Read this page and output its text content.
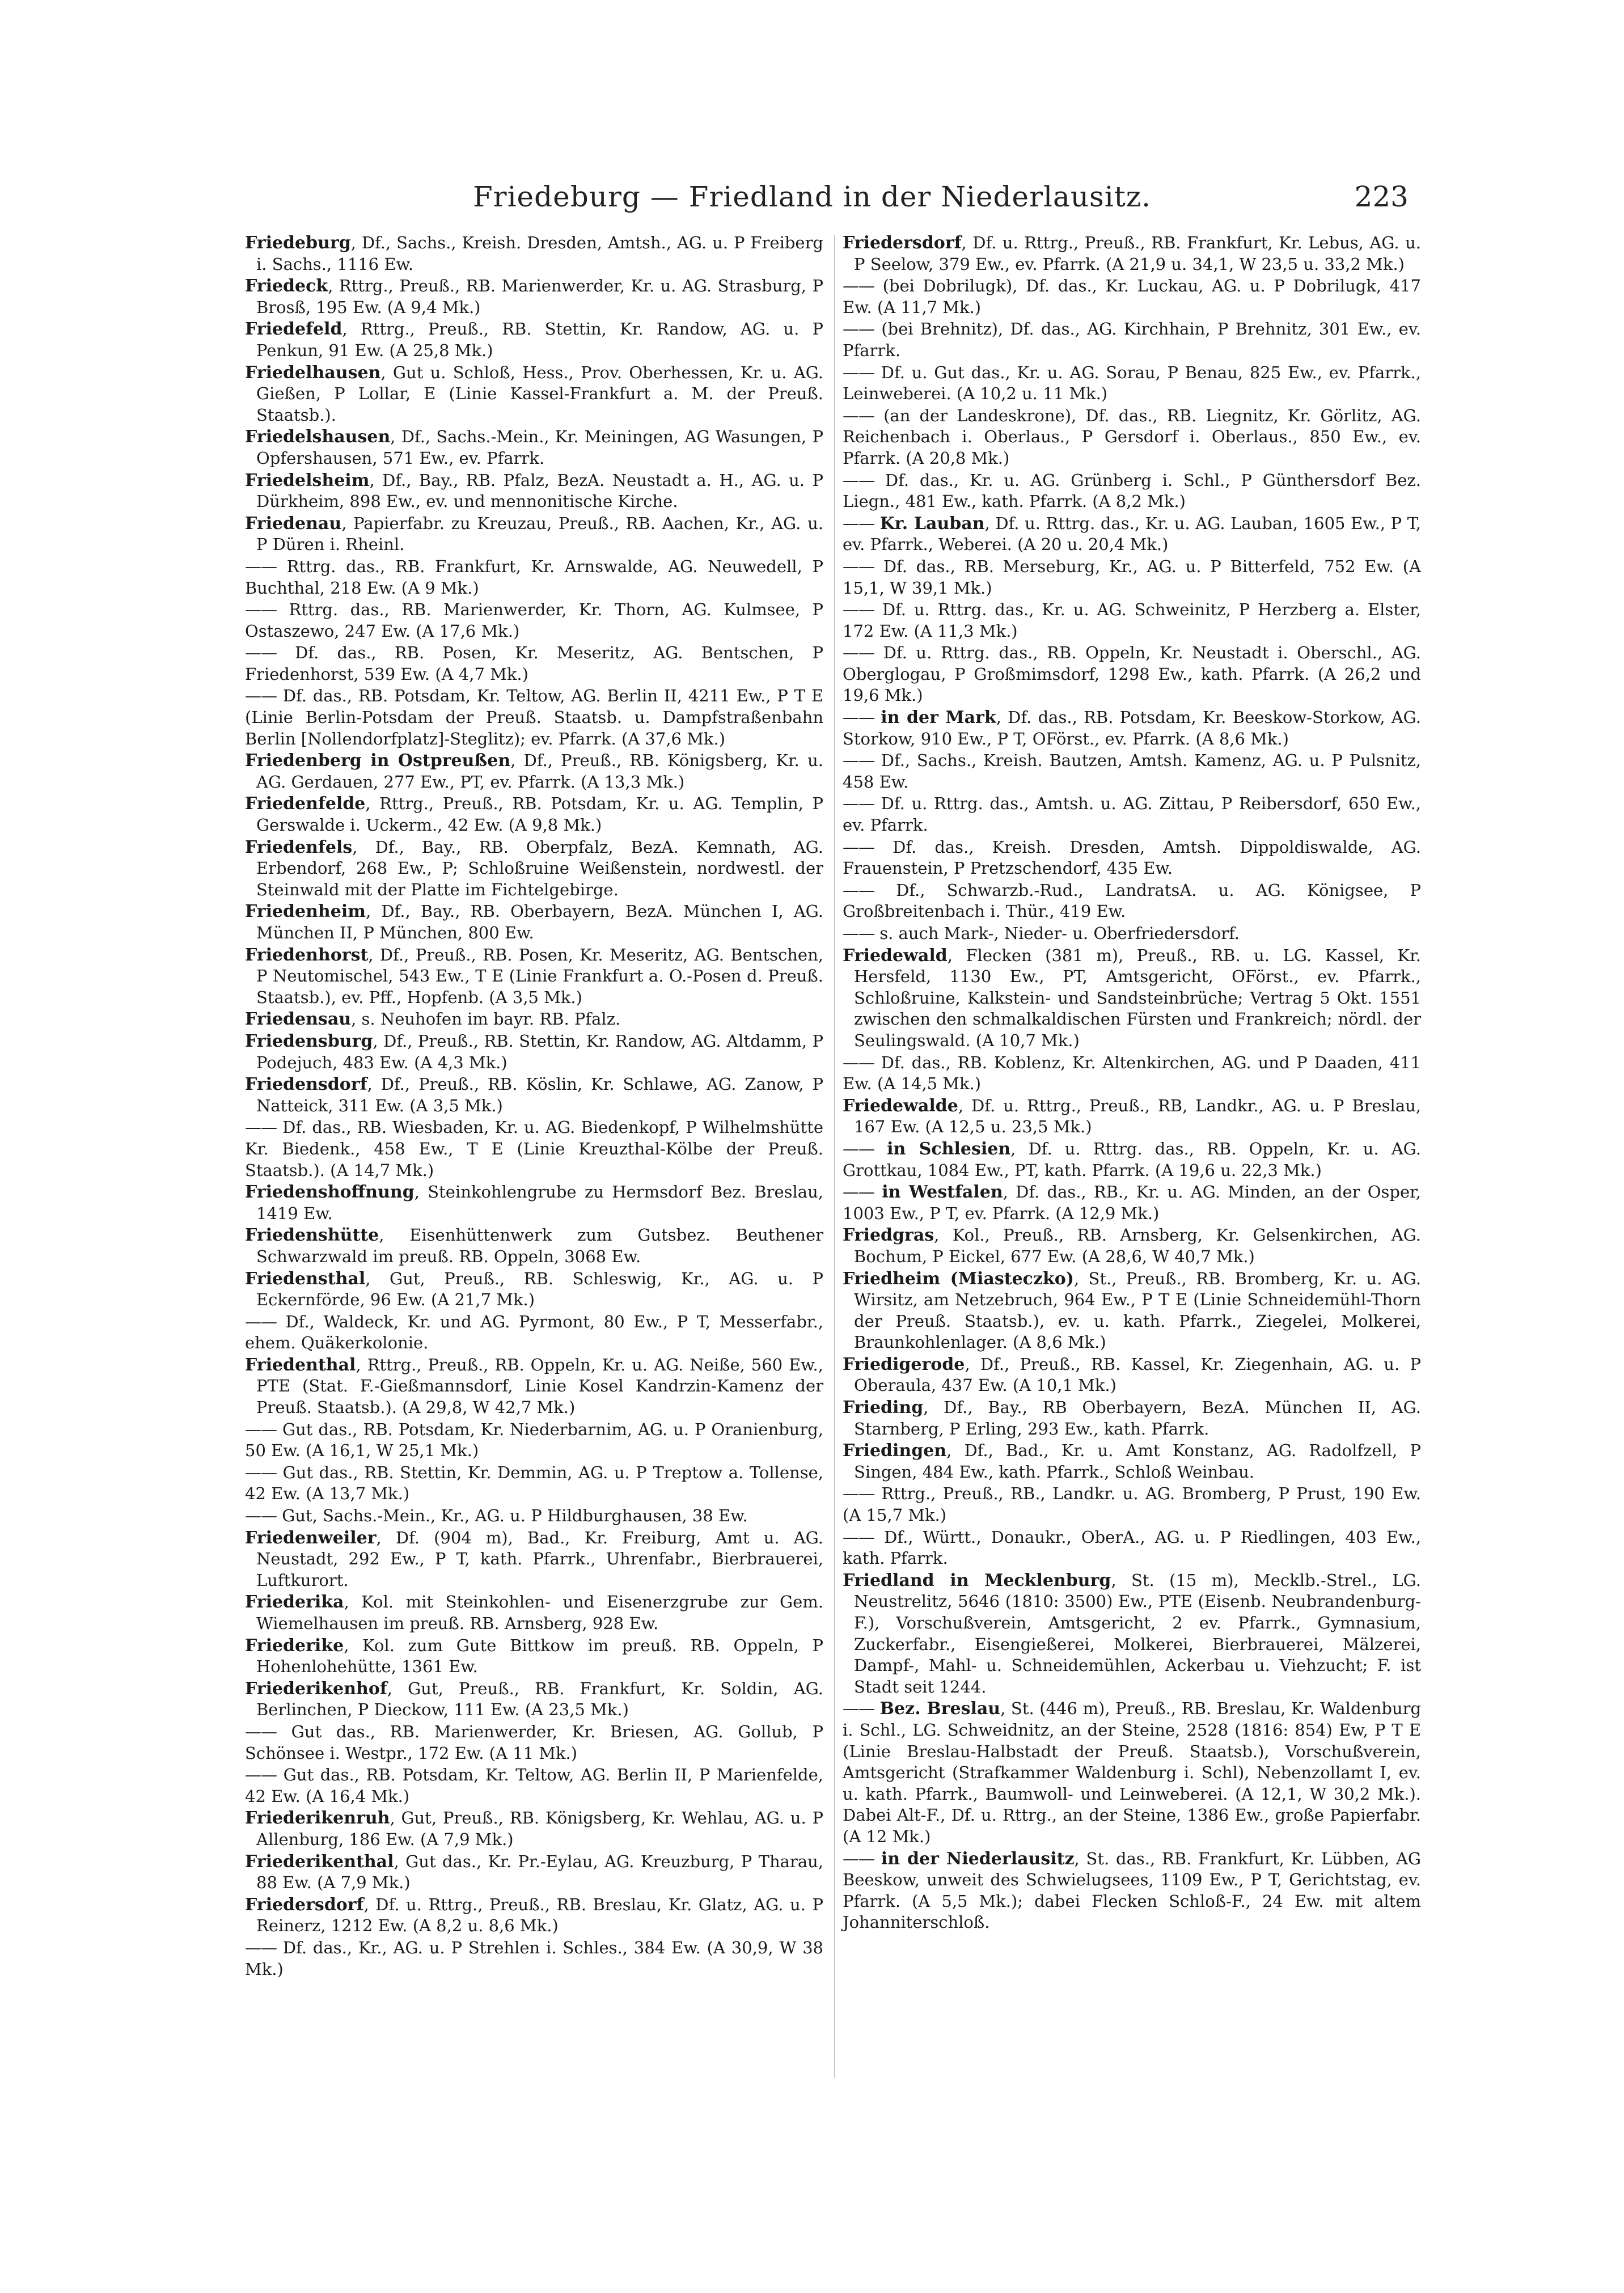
Friedeburg — Friedland in der Niederlausitz.	223

Friedeburg, Df., Sachs., Kreish. Dresden, Amtsh., AG. u. P Freiberg i. Sachs., 1116 Ew.

Friedeck, Rttrg., Preuß., RB. Marienwerder, Kr. u. AG. Strasburg, P Brosß, 195 Ew. (A 9,4 Mk.)

Friedefeld, Rttrg., Preuß., RB. Stettin, Kr. Randow, AG. u. P Penkun, 91 Ew. (A 25,8 Mk.)

Friedelhausen, Gut u. Schloß, Hess., Prov. Oberhessen, Kr. u. AG. Gießen, P Lollar, E (Linie Kassel-Frankfurt a. M. der Preuß. Staatsb.).

Friedelshausen, Df., Sachs.-Mein., Kr. Meiningen, AG Wasungen, P Opfershausen, 571 Ew., ev. Pfarrk.

Friedelsheim, Df., Bay., RB. Pfalz, BezA. Neustadt a. H., AG. u. P Dürkheim, 898 Ew., ev. und mennonitische Kirche.

Friedenau, Papierfabr. zu Kreuzau, Preuß., RB. Aachen, Kr., AG. u. P Düren i. Rheinl.

—— Rttrg. das., RB. Frankfurt, Kr. Arnswalde, AG. Neuwedell, P Buchthal, 218 Ew. (A 9 Mk.)

—— Rttrg. das., RB. Marienwerder, Kr. Thorn, AG. Kulmsee, P Ostaszewo, 247 Ew. (A 17,6 Mk.)

—— Df. das., RB. Posen, Kr. Meseritz, AG. Bentschen, P Friedenhorst, 539 Ew. (A 4,7 Mk.)

—— Df. das., RB. Potsdam, Kr. Teltow, AG. Berlin II, 4211 Ew., P T E (Linie Berlin-Potsdam der Preuß. Staatsb. u. Dampfstraßenbahn Berlin [Nollendorfplatz]-Steglitz); ev. Pfarrk. (A 37,6 Mk.)

Friedenberg in Ostpreußen, Df., Preuß., RB. Königsberg, Kr. u. AG. Gerdauen, 277 Ew., PT, ev. Pfarrk. (A 13,3 Mk.)

Friedenfelde, Rttrg., Preuß., RB. Potsdam, Kr. u. AG. Templin, P Gerswalde i. Uckerm., 42 Ew. (A 9,8 Mk.)

Friedenfels, Df., Bay., RB. Oberpfalz, BezA. Kemnath, AG. Erbendorf, 268 Ew., P; Schloßruine Weißenstein, nordwestl. der Steinwald mit der Platte im Fichtelgebirge.

Friedenheim, Df., Bay., RB. Oberbayern, BezA. München I, AG. München II, P München, 800 Ew.

Friedenhorst, Df., Preuß., RB. Posen, Kr. Meseritz, AG. Bentschen, P Neutomischel, 543 Ew., T E (Linie Frankfurt a. O.-Posen d. Preuß. Staatsb.), ev. Pff., Hopfenb. (A 3,5 Mk.)

Friedensau, s. Neuhofen im bayr. RB. Pfalz.

Friedensburg, Df., Preuß., RB. Stettin, Kr. Randow, AG. Altdamm, P Podejuch, 483 Ew. (A 4,3 Mk.)

Friedensdorf, Df., Preuß., RB. Köslin, Kr. Schlawe, AG. Zanow, P Natteick, 311 Ew. (A 3,5 Mk.)

—— Df. das., RB. Wiesbaden, Kr. u. AG. Biedenkopf, P Wilhelmshütte Kr. Biedenk., 458 Ew., T E (Linie Kreuzthal-Kölbe der Preuß. Staatsb.). (A 14,7 Mk.)

Friedenshoffnung, Steinkohlengrube zu Hermsdorf Bez. Breslau, 1419 Ew.

Friedenshütte, Eisenhüttenwerk zum Gutsbez. Beuthener Schwarzwald im preuß. RB. Oppeln, 3068 Ew.

Friedensthal, Gut, Preuß., RB. Schleswig, Kr., AG. u. P Eckernförde, 96 Ew. (A 21,7 Mk.)

—— Df., Waldeck, Kr. und AG. Pyrmont, 80 Ew., P T, Messerfabr., ehem. Quäkerkolonie.

Friedenthal, Rttrg., Preuß., RB. Oppeln, Kr. u. AG. Neiße, 560 Ew., PTE (Stat. F.-Gießmannsdorf, Linie Kosel Kandrzin-Kamenz der Preuß. Staatsb.). (A 29,8, W 42,7 Mk.)

—— Gut das., RB. Potsdam, Kr. Niederbarnim, AG. u. P Oranienburg, 50 Ew. (A 16,1, W 25,1 Mk.)

—— Gut das., RB. Stettin, Kr. Demmin, AG. u. P Treptow a. Tollense, 42 Ew. (A 13,7 Mk.)

—— Gut, Sachs.-Mein., Kr., AG. u. P Hildburghausen, 38 Ew.

Friedenweiler, Df. (904 m), Bad., Kr. Freiburg, Amt u. AG. Neustadt, 292 Ew., P T, kath. Pfarrk., Uhrenfabr., Bierbrauerei, Luftkurort.

Friederika, Kol. mit Steinkohlen- und Eisenerzgrube zur Gem. Wiemelhausen im preuß. RB. Arnsberg, 928 Ew.

Friederike, Kol. zum Gute Bittkow im preuß. RB. Oppeln, P Hohenlohehütte, 1361 Ew.

Friederikenhof, Gut, Preuß., RB. Frankfurt, Kr. Soldin, AG. Berlinchen, P Dieckow, 111 Ew. (A 23,5 Mk.)

—— Gut das., RB. Marienwerder, Kr. Briesen, AG. Gollub, P Schönsee i. Westpr., 172 Ew. (A 11 Mk.)

—— Gut das., RB. Potsdam, Kr. Teltow, AG. Berlin II, P Marienfelde, 42 Ew. (A 16,4 Mk.)

Friederikenruh, Gut, Preuß., RB. Königsberg, Kr. Wehlau, AG. u. P Allenburg, 186 Ew. (A 7,9 Mk.)

Friederikenthal, Gut das., Kr. Pr.-Eylau, AG. Kreuzburg, P Tharau, 88 Ew. (A 7,9 Mk.)

Friedersdorf, Df. u. Rttrg., Preuß., RB. Breslau, Kr. Glatz, AG. u. P Reinerz, 1212 Ew. (A 8,2 u. 8,6 Mk.)

—— Df. das., Kr., AG. u. P Strehlen i. Schles., 384 Ew. (A 30,9, W 38 Mk.)

Friedersdorf, Df. u. Rttrg., Preuß., RB. Frankfurt, Kr. Lebus, AG. u. P Seelow, 379 Ew., ev. Pfarrk. (A 21,9 u. 34,1, W 23,5 u. 33,2 Mk.)

—— (bei Dobrilugk), Df. das., Kr. Luckau, AG. u. P Dobrilugk, 417 Ew. (A 11,7 Mk.)

—— (bei Brehnitz), Df. das., AG. Kirchhain, P Brehnitz, 301 Ew., ev. Pfarrk.

—— Df. u. Gut das., Kr. u. AG. Sorau, P Benau, 825 Ew., ev. Pfarrk., Leinweberei. (A 10,2 u. 11 Mk.)

—— (an der Landeskrone), Df. das., RB. Liegnitz, Kr. Görlitz, AG. Reichenbach i. Oberlaus., P Gersdorf i. Oberlaus., 850 Ew., ev. Pfarrk. (A 20,8 Mk.)

—— Df. das., Kr. u. AG. Grünberg i. Schl., P Günthersdorf Bez. Liegn., 481 Ew., kath. Pfarrk. (A 8,2 Mk.)

—— Kr. Lauban, Df. u. Rttrg. das., Kr. u. AG. Lauban, 1605 Ew., P T, ev. Pfarrk., Weberei. (A 20 u. 20,4 Mk.)

—— Df. das., RB. Merseburg, Kr., AG. u. P Bitterfeld, 752 Ew. (A 15,1, W 39,1 Mk.)

—— Df. u. Rttrg. das., Kr. u. AG. Schweinitz, P Herzberg a. Elster, 172 Ew. (A 11,3 Mk.)

—— Df. u. Rttrg. das., RB. Oppeln, Kr. Neustadt i. Oberschl., AG. Oberglogau, P Großmimsdorf, 1298 Ew., kath. Pfarrk. (A 26,2 und 19,6 Mk.)

—— in der Mark, Df. das., RB. Potsdam, Kr. Beeskow-Storkow, AG. Storkow, 910 Ew., P T, OFörst., ev. Pfarrk. (A 8,6 Mk.)

—— Df., Sachs., Kreish. Bautzen, Amtsh. Kamenz, AG. u. P Pulsnitz, 458 Ew.

—— Df. u. Rttrg. das., Amtsh. u. AG. Zittau, P Reibersdorf, 650 Ew., ev. Pfarrk.

—— Df. das., Kreish. Dresden, Amtsh. Dippoldiswalde, AG. Frauenstein, P Pretzschendorf, 435 Ew.

—— Df., Schwarzb.-Rud., LandratsA. u. AG. Königsee, P Großbreitenbach i. Thür., 419 Ew.

—— s. auch Mark-, Nieder- u. Oberfriedersdorf.

Friedewald, Flecken (381 m), Preuß., RB. u. LG. Kassel, Kr. Hersfeld, 1130 Ew., PT, Amtsgericht, OFörst., ev. Pfarrk., Schloßruine, Kalkstein- und Sandsteinbrüche; Vertrag 5 Okt. 1551 zwischen den schmalkaldischen Fürsten und Frankreich; nördl. der Seulingswald. (A 10,7 Mk.)

—— Df. das., RB. Koblenz, Kr. Altenkirchen, AG. und P Daaden, 411 Ew. (A 14,5 Mk.)

Friedewalde, Df. u. Rttrg., Preuß., RB, Landkr., AG. u. P Breslau, 167 Ew. (A 12,5 u. 23,5 Mk.)

—— in Schlesien, Df. u. Rttrg. das., RB. Oppeln, Kr. u. AG. Grottkau, 1084 Ew., PT, kath. Pfarrk. (A 19,6 u. 22,3 Mk.)

—— in Westfalen, Df. das., RB., Kr. u. AG. Minden, an der Osper, 1003 Ew., P T, ev. Pfarrk. (A 12,9 Mk.)

Friedgras, Kol., Preuß., RB. Arnsberg, Kr. Gelsenkirchen, AG. Bochum, P Eickel, 677 Ew. (A 28,6, W 40,7 Mk.)

Friedheim (Miasteczko), St., Preuß., RB. Bromberg, Kr. u. AG. Wirsitz, am Netzebruch, 964 Ew., P T E (Linie Schneidemühl-Thorn der Preuß. Staatsb.), ev. u. kath. Pfarrk., Ziegelei, Molkerei, Braunkohlenlager. (A 8,6 Mk.)

Friedigerode, Df., Preuß., RB. Kassel, Kr. Ziegenhain, AG. u. P Oberaula, 437 Ew. (A 10,1 Mk.)

Frieding, Df., Bay., RB Oberbayern, BezA. München II, AG. Starnberg, P Erling, 293 Ew., kath. Pfarrk.

Friedingen, Df., Bad., Kr. u. Amt Konstanz, AG. Radolfzell, P Singen, 484 Ew., kath. Pfarrk., Schloß Weinbau.

—— Rttrg., Preuß., RB., Landkr. u. AG. Bromberg, P Prust, 190 Ew. (A 15,7 Mk.)

—— Df., Württ., Donaukr., OberA., AG. u. P Riedlingen, 403 Ew., kath. Pfarrk.

Friedland in Mecklenburg, St. (15 m), Mecklb.-Strel., LG. Neustrelitz, 5646 (1810: 3500) Ew., PTE (Eisenb. Neubrandenburg-F.), Vorschußverein, Amtsgericht, 2 ev. Pfarrk., Gymnasium, Zuckerfabr., Eisengießerei, Molkerei, Bierbrauerei, Mälzerei, Dampf-, Mahl- u. Schneidemühlen, Ackerbau u. Viehzucht; F. ist Stadt seit 1244.

—— Bez. Breslau, St. (446 m), Preuß., RB. Breslau, Kr. Waldenburg i. Schl., LG. Schweidnitz, an der Steine, 2528 (1816: 854) Ew, P T E (Linie Breslau-Halbstadt der Preuß. Staatsb.), Vorschußverein, Amtsgericht (Strafkammer Waldenburg i. Schl), Nebenzollamt I, ev. u. kath. Pfarrk., Baumwoll- und Leinweberei. (A 12,1, W 30,2 Mk.). Dabei Alt-F., Df. u. Rttrg., an der Steine, 1386 Ew., große Papierfabr. (A 12 Mk.)

—— in der Niederlausitz, St. das., RB. Frankfurt, Kr. Lübben, AG Beeskow, unweit des Schwielugsees, 1109 Ew., P T, Gerichtstag, ev. Pfarrk. (A 5,5 Mk.); dabei Flecken Schloß-F., 24 Ew. mit altem Johanniterschloß.
